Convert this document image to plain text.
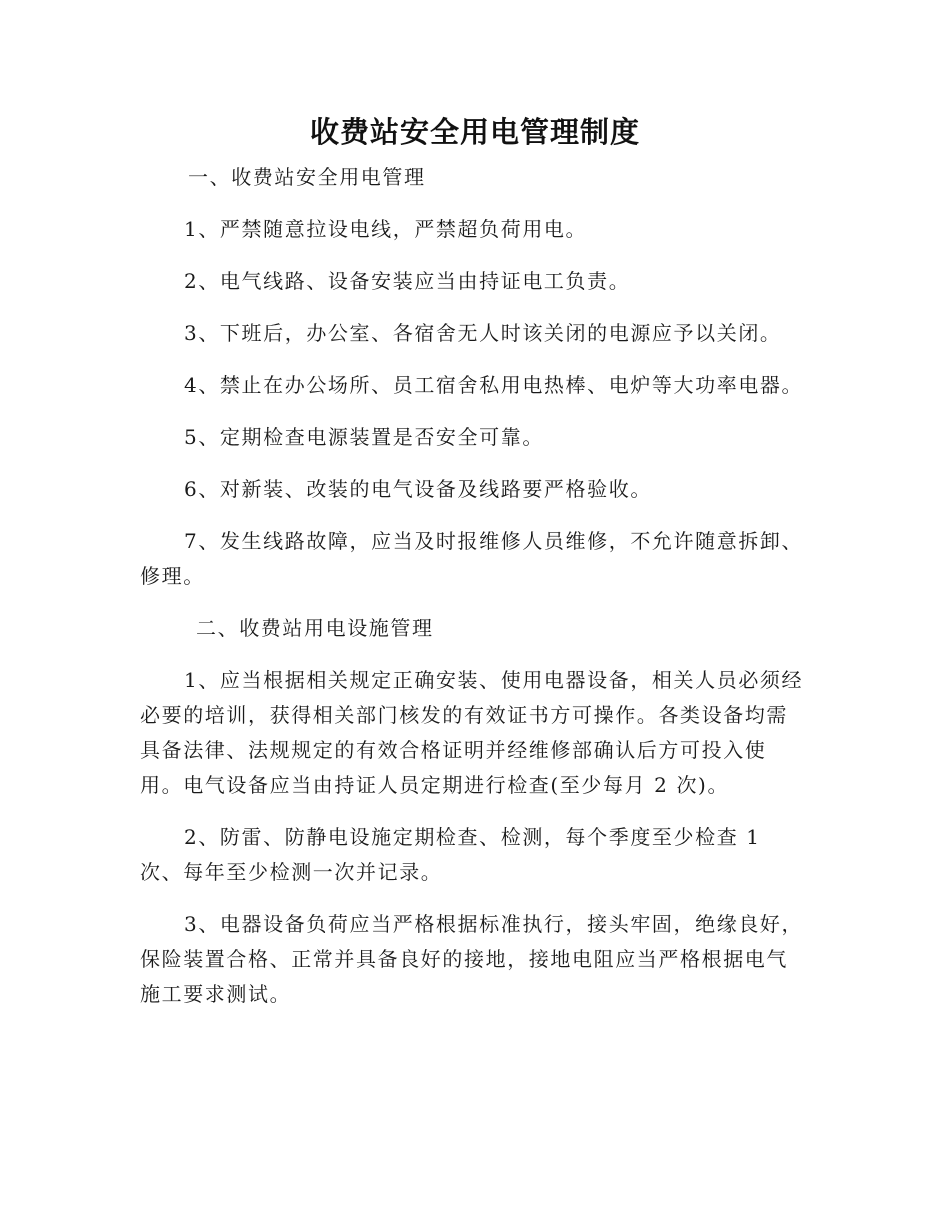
收费站安全用电管理制度

一、收费站安全用电管理

1、严禁随意拉设电线，严禁超负荷用电。

2、电气线路、设备安装应当由持证电工负责。

3、下班后，办公室、各宿舍无人时该关闭的电源应予以关闭。

4、禁止在办公场所、员工宿舍私用电热棒、电炉等大功率电器。

5、定期检查电源装置是否安全可靠。

6、对新装、改装的电气设备及线路要严格验收。

7、发生线路故障，应当及时报维修人员维修，不允许随意拆卸、修理。

二、收费站用电设施管理

1、应当根据相关规定正确安装、使用电器设备，相关人员必须经必要的培训，获得相关部门核发的有效证书方可操作。各类设备均需具备法律、法规规定的有效合格证明并经维修部确认后方可投入使用。电气设备应当由持证人员定期进行检查(至少每月 2 次)。

2、防雷、防静电设施定期检查、检测，每个季度至少检查 1 次、每年至少检测一次并记录。

3、电器设备负荷应当严格根据标准执行，接头牢固，绝缘良好，保险装置合格、正常并具备良好的接地，接地电阻应当严格根据电气施工要求测试。
